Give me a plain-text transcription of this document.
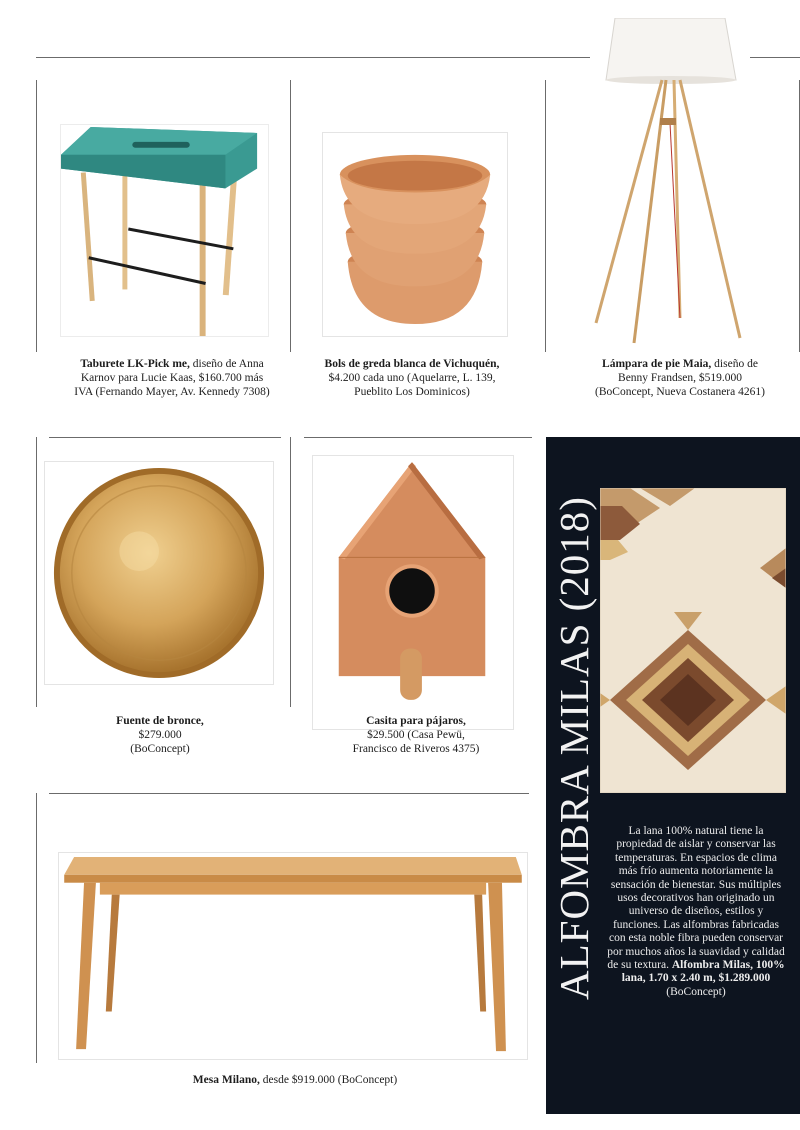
Taburete LK-Pick me, diseño de Anna
Karnov para Lucie Kaas, $160.700 más
IVA (Fernando Mayer, Av. Kennedy 7308)
Bols de greda blanca de Vichuquén,
$4.200 cada uno (Aquelarre, L. 139,
Pueblito Los Dominicos)
Lámpara de pie Maia, diseño de
Benny Frandsen, $519.000
(BoConcept, Nueva Costanera 4261)
Fuente de bronce,
$279.000
(BoConcept)
Casita para pájaros,
$29.500 (Casa Pewü,
Francisco de Riveros 4375)
Mesa Milano, desde $919.000 (BoConcept)
ALFOMBRA MILAS (2018)	La lana 100% natural tiene la propiedad de aislar y conservar las temperaturas. En espacios de clima más frío aumenta notoriamente la sensación de bienestar. Sus múltiples usos decorativos han originado un universo de diseños, estilos y funciones. Las alfombras fabricadas con esta noble fibra pueden conservar por muchos años la suavidad y calidad de su textura. Alfombra Milas, 100% lana, 1.70 x 2.40 m, $1.289.000
(BoConcept)
